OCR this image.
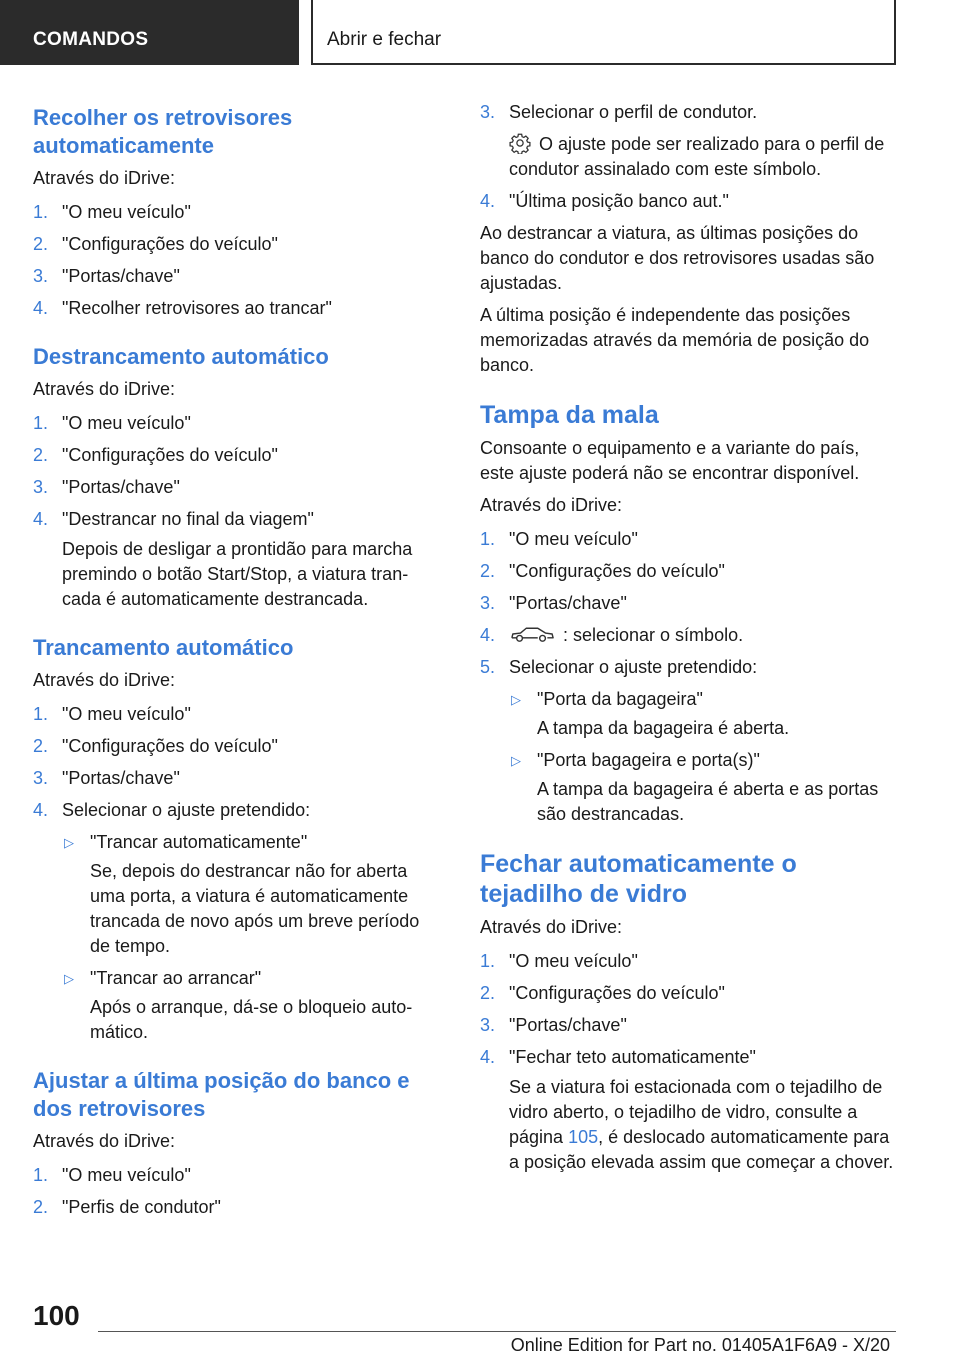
COMANDOS	Abrir e fechar
Recolher os retrovisores automaticamente

Através do iDrive:

1. "O meu veículo"
2. "Configurações do veículo"
3. "Portas/chave"
4. "Recolher retrovisores ao trancar"
Destrancamento automático

Através do iDrive:

1. "O meu veículo"
2. "Configurações do veículo"
3. "Portas/chave"
4. "Destrancar no final da viagem"

Depois de desligar a prontidão para marcha premindo o botão Start/Stop, a viatura tran‐cada é automaticamente destrancada.

Trancamento automático

Através do iDrive:

1. "O meu veículo"
2. "Configurações do veículo"
3. "Portas/chave"
4. Selecionar o ajuste pretendido:
▷ "Trancar automaticamente"

Se, depois do destrancar não for aberta uma porta, a viatura é automaticamente trancada de novo após um breve período de tempo.

▷ "Trancar ao arrancar"

Após o arranque, dá-se o bloqueio auto‐mático.

Ajustar a última posição do banco e dos retrovisores

Através do iDrive:

1. "O meu veículo"
2. "Perfis de condutor"
3. Selecionar o perfil de condutor.

O ajuste pode ser realizado para o perfil de condutor assinalado com este símbolo.

4. "Última posição banco aut."

Ao destrancar a viatura, as últimas posições do banco do condutor e dos retrovisores usadas são ajustadas.

A última posição é independente das posições memorizadas através da memória de posição do banco.

Tampa da mala

Consoante o equipamento e a variante do país, este ajuste poderá não se encontrar disponível.

Através do iDrive:

1. "O meu veículo"
2. "Configurações do veículo"
3. "Portas/chave"
4.	: selecionar o símbolo.
5. Selecionar o ajuste pretendido:
▷ "Porta da bagageira"

A tampa da bagageira é aberta.

▷ "Porta bagageira e porta(s)"

A tampa da bagageira é aberta e as portas são destrancadas.

Fechar automaticamente o tejadilho de vidro

Através do iDrive:

1. "O meu veículo"
2. "Configurações do veículo"
3. "Portas/chave"
4. "Fechar teto automaticamente"

Se a viatura foi estacionada com o tejadilho de vidro aberto, o tejadilho de vidro, consulte a página 105, é deslocado automaticamente para a posição elevada assim que começar a chover.

100
Online Edition for Part no. 01405A1F6A9 - X/20
